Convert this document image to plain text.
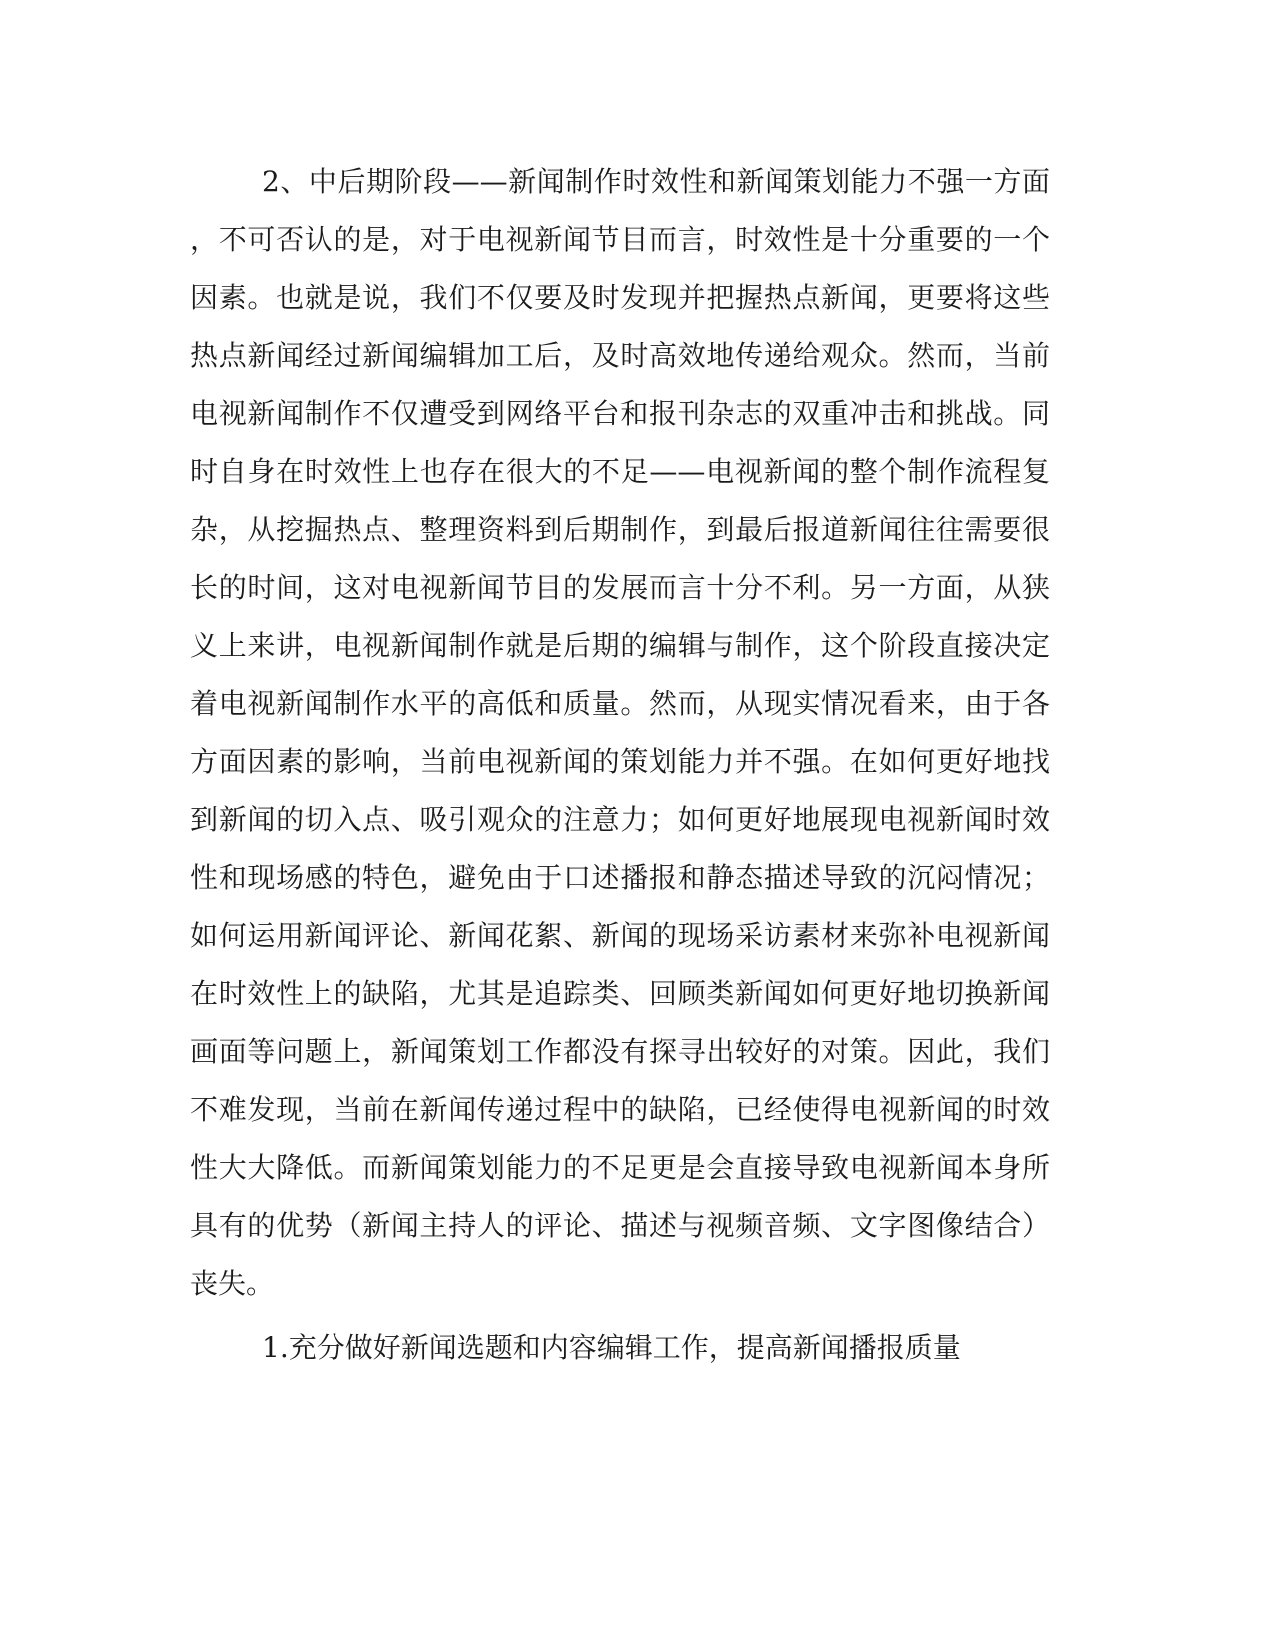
2、中后期阶段——新闻制作时效性和新闻策划能力不强一方面
，不可否认的是，对于电视新闻节目而言，时效性是十分重要的一个
因素。也就是说，我们不仅要及时发现并把握热点新闻，更要将这些
热点新闻经过新闻编辑加工后，及时高效地传递给观众。然而，当前
电视新闻制作不仅遭受到网络平台和报刊杂志的双重冲击和挑战。同
时自身在时效性上也存在很大的不足——电视新闻的整个制作流程复
杂，从挖掘热点、整理资料到后期制作，到最后报道新闻往往需要很
长的时间，这对电视新闻节目的发展而言十分不利。另一方面，从狭
义上来讲，电视新闻制作就是后期的编辑与制作，这个阶段直接决定
着电视新闻制作水平的高低和质量。然而，从现实情况看来，由于各
方面因素的影响，当前电视新闻的策划能力并不强。在如何更好地找
到新闻的切入点、吸引观众的注意力；如何更好地展现电视新闻时效
性和现场感的特色，避免由于口述播报和静态描述导致的沉闷情况；
如何运用新闻评论、新闻花絮、新闻的现场采访素材来弥补电视新闻
在时效性上的缺陷，尤其是追踪类、回顾类新闻如何更好地切换新闻
画面等问题上，新闻策划工作都没有探寻出较好的对策。因此，我们
不难发现，当前在新闻传递过程中的缺陷，已经使得电视新闻的时效
性大大降低。而新闻策划能力的不足更是会直接导致电视新闻本身所
具有的优势（新闻主持人的评论、描述与视频音频、文字图像结合）
丧失。
1.充分做好新闻选题和内容编辑工作，提高新闻播报质量
